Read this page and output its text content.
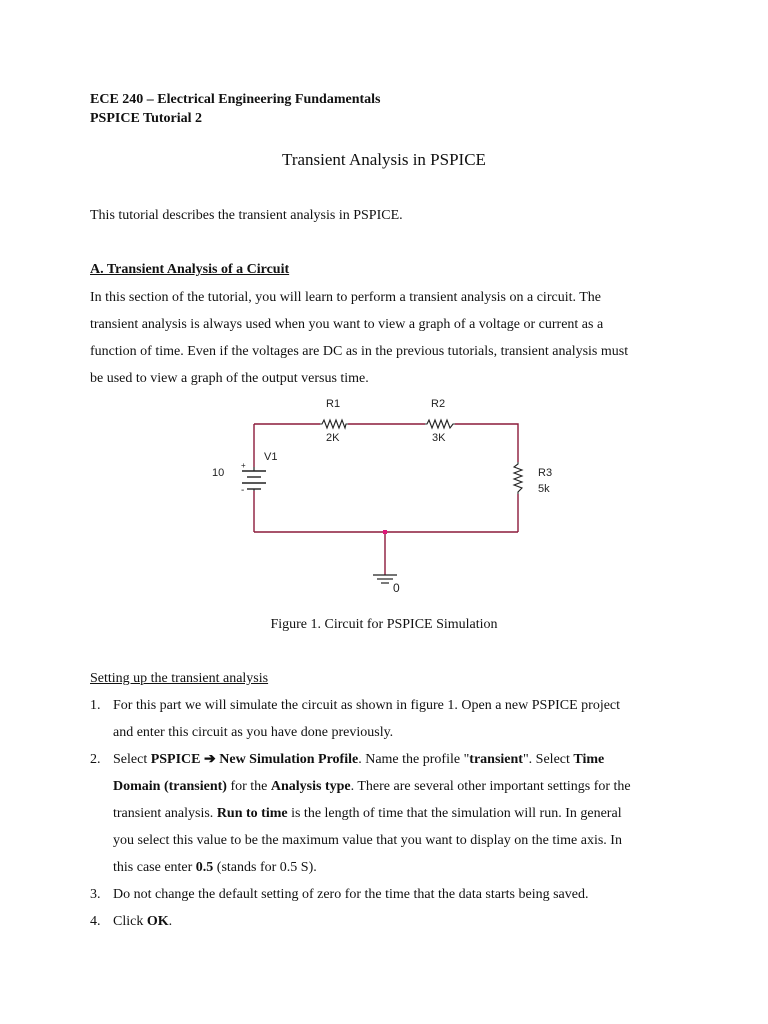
ECE 240 – Electrical Engineering Fundamentals
PSPICE Tutorial 2
Transient Analysis in PSPICE
This tutorial describes the transient analysis in PSPICE.
A. Transient Analysis of a Circuit
In this section of the tutorial, you will learn to perform a transient analysis on a circuit. The
transient analysis is always used when you want to view a graph of a voltage or current as a
function of time. Even if the voltages are DC as in the previous tutorials, transient analysis must
be used to view a graph of the output versus time.
R1
2K
R2
3K
R3
5k
V1
10
+
-
0
Figure 1. Circuit for PSPICE Simulation
Setting up the transient analysis
1. For this part we will simulate the circuit as shown in figure 1. Open a new PSPICE project
and enter this circuit as you have done previously.
2. Select PSPICE ➔ New Simulation Profile. Name the profile "transient". Select Time
Domain (transient) for the Analysis type. There are several other important settings for the
transient analysis. Run to time is the length of time that the simulation will run. In general
you select this value to be the maximum value that you want to display on the time axis. In
this case enter 0.5 (stands for 0.5 S).
3. Do not change the default setting of zero for the time that the data starts being saved.
4. Click OK.
